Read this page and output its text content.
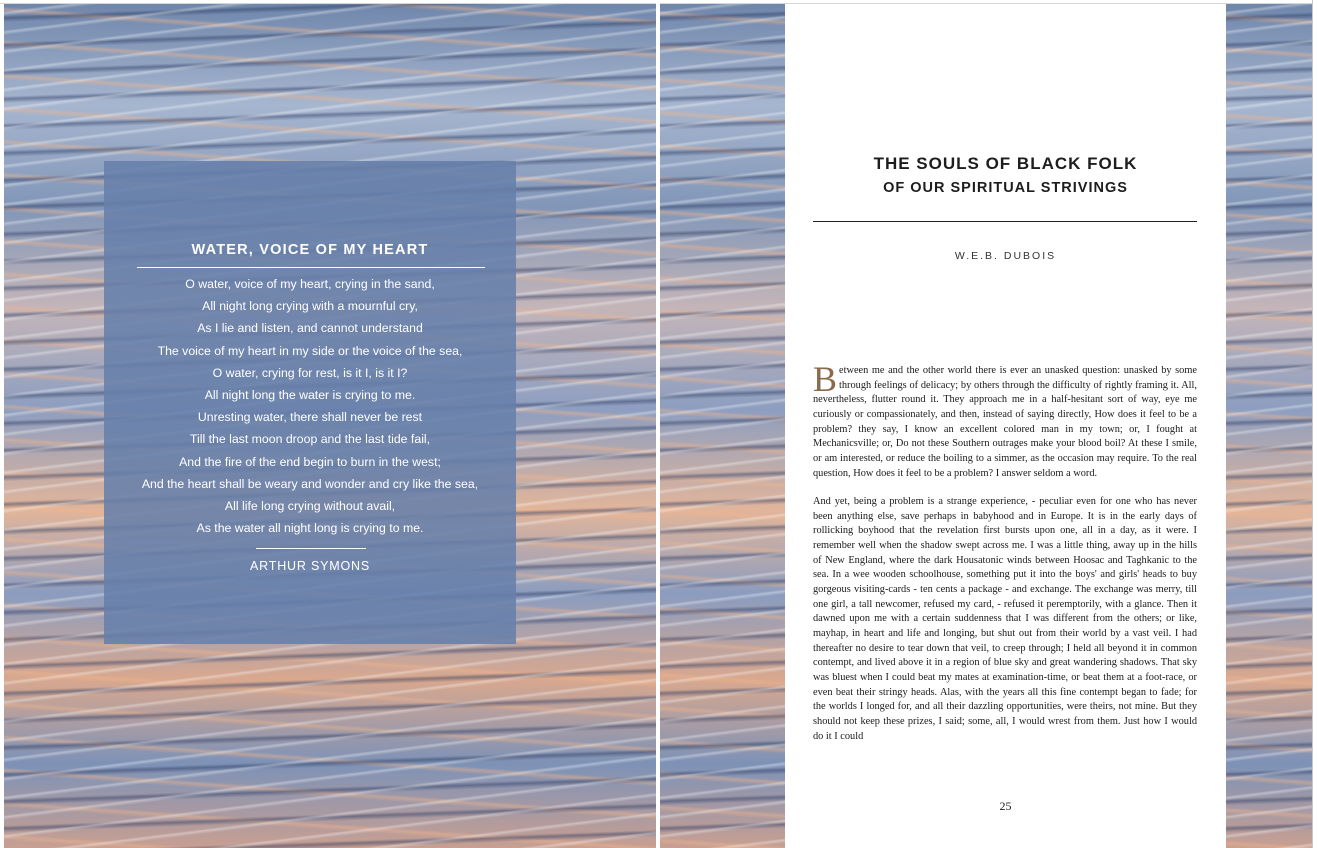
WATER, VOICE OF MY HEART
O water, voice of my heart, crying in the sand,
All night long crying with a mournful cry,
As I lie and listen, and cannot understand
The voice of my heart in my side or the voice of the sea,
O water, crying for rest, is it I, is it I?
All night long the water is crying to me.
Unresting water, there shall never be rest
Till the last moon droop and the last tide fail,
And the fire of the end begin to burn in the west;
And the heart shall be weary and wonder and cry like the sea,
All life long crying without avail,
As the water all night long is crying to me.
ARTHUR SYMONS
THE SOULS OF BLACK FOLK
OF OUR SPIRITUAL STRIVINGS
W.E.B. DUBOIS
Between me and the other world there is ever an unasked question: unasked by some through feelings of delicacy; by others through the difficulty of rightly framing it. All, nevertheless, flutter round it. They approach me in a half-hesitant sort of way, eye me curiously or compassionately, and then, instead of saying directly, How does it feel to be a problem? they say, I know an excellent colored man in my town; or, I fought at Mechanicsville; or, Do not these Southern outrages make your blood boil? At these I smile, or am interested, or reduce the boiling to a simmer, as the occasion may require. To the real question, How does it feel to be a problem? I answer seldom a word.
And yet, being a problem is a strange experience, - peculiar even for one who has never been anything else, save perhaps in babyhood and in Europe. It is in the early days of rollicking boyhood that the revelation first bursts upon one, all in a day, as it were. I remember well when the shadow swept across me. I was a little thing, away up in the hills of New England, where the dark Housatonic winds between Hoosac and Taghkanic to the sea. In a wee wooden schoolhouse, something put it into the boys' and girls' heads to buy gorgeous visiting-cards - ten cents a package - and exchange. The exchange was merry, till one girl, a tall newcomer, refused my card, - refused it peremptorily, with a glance. Then it dawned upon me with a certain suddenness that I was different from the others; or like, mayhap, in heart and life and longing, but shut out from their world by a vast veil. I had thereafter no desire to tear down that veil, to creep through; I held all beyond it in common contempt, and lived above it in a region of blue sky and great wandering shadows. That sky was bluest when I could beat my mates at examination-time, or beat them at a foot-race, or even beat their stringy heads. Alas, with the years all this fine contempt began to fade; for the worlds I longed for, and all their dazzling opportunities, were theirs, not mine. But they should not keep these prizes, I said; some, all, I would wrest from them. Just how I would do it I could
25
